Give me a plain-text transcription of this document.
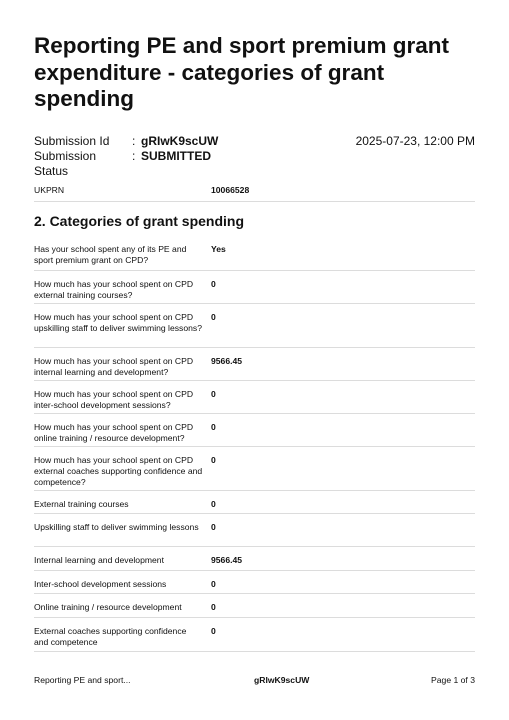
Reporting PE and sport premium grant expenditure - categories of grant spending
Submission Id	: gRIwK9scUW
Submission Status
: SUBMITTED
2025-07-23, 12:00 PM
UKPRN	10066528
2. Categories of grant spending
Has your school spent any of its PE and sport premium grant on CPD?
Yes
How much has your school spent on CPD external training courses?
0
How much has your school spent on CPD upskilling staff to deliver swimming lessons?
0
How much has your school spent on CPD internal learning and development?
9566.45
How much has your school spent on CPD inter-school development sessions?
0
How much has your school spent on CPD online training / resource development?
0
How much has your school spent on CPD external coaches supporting confidence and competence?
0
External training courses	0
Upskilling staff to deliver swimming lessons	0
Internal learning and development	9566.45
Inter-school development sessions	0
Online training / resource development	0
External coaches supporting confidence and competence
0
Reporting PE and sport...	gRIwK9scUW	Page 1 of 3
